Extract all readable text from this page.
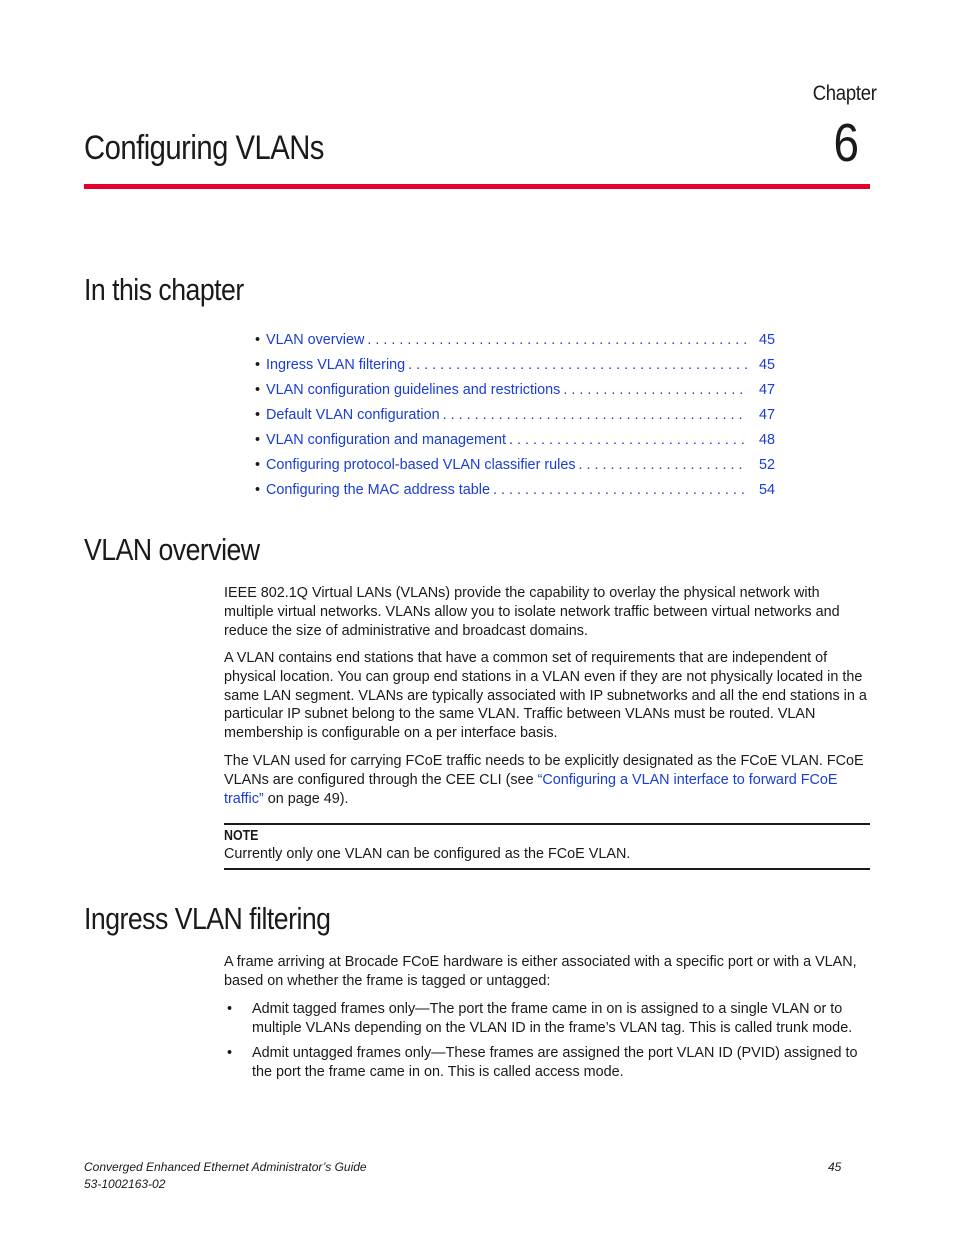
Chapter
6
Configuring VLANs
In this chapter
• VLAN overview . . .	45
• Ingress VLAN filtering . . .	45
• VLAN configuration guidelines and restrictions . . .	47
• Default VLAN configuration . . .	47
• VLAN configuration and management . . .	48
• Configuring protocol-based VLAN classifier rules . . .	52
• Configuring the MAC address table . . .	54
VLAN overview

IEEE 802.1Q Virtual LANs (VLANs) provide the capability to overlay the physical network with multiple virtual networks. VLANs allow you to isolate network traffic between virtual networks and reduce the size of administrative and broadcast domains.

A VLAN contains end stations that have a common set of requirements that are independent of physical location. You can group end stations in a VLAN even if they are not physically located in the same LAN segment. VLANs are typically associated with IP subnetworks and all the end stations in a particular IP subnet belong to the same VLAN. Traffic between VLANs must be routed. VLAN membership is configurable on a per interface basis.

The VLAN used for carrying FCoE traffic needs to be explicitly designated as the FCoE VLAN. FCoE VLANs are configured through the CEE CLI (see “Configuring a VLAN interface to forward FCoE traffic” on page 49).

NOTE
Currently only one VLAN can be configured as the FCoE VLAN.
Ingress VLAN filtering

A frame arriving at Brocade FCoE hardware is either associated with a specific port or with a VLAN, based on whether the frame is tagged or untagged:

• Admit tagged frames only—The port the frame came in on is assigned to a single VLAN or to multiple VLANs depending on the VLAN ID in the frame’s VLAN tag. This is called trunk mode.
• Admit untagged frames only—These frames are assigned the port VLAN ID (PVID) assigned to the port the frame came in on. This is called access mode.
Converged Enhanced Ethernet Administrator’s Guide
53-1002163-02
45
